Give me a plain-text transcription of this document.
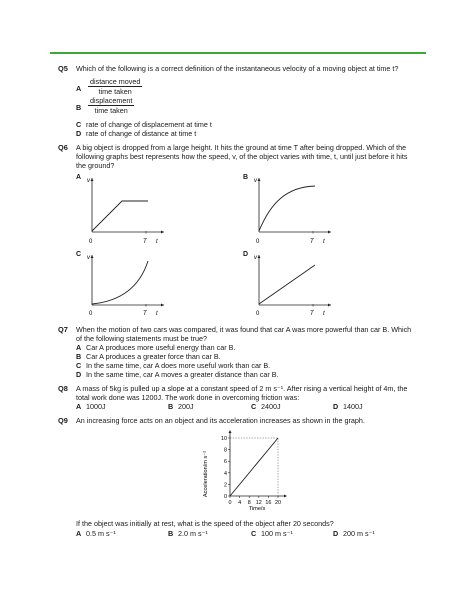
Q5 Which of the following is a correct definition of the instantaneous velocity of a moving object at time t?
A
distance moved
time taken
B
displacement
time taken
C rate of change of displacement at time t
D rate of change of distance at time t
Q6 A big object is dropped from a large height. It hits the ground at time T after being dropped. Which of the
following graphs best represents how the speed, v, of the object varies with time, t, until just before it hits
the ground?
A v
0	T t
B v
0	T t
C v
0	T t
D v
0	T t
Q7 When the motion of two cars was compared, it was found that car A was more powerful than car B. Which
of the following statements must be true?
A Car A produces more useful energy than car B.
B Car A produces a greater force than car B.
C In the same time, car A does more useful work than car B.
D In the same time, car A moves a greater distance than car B.
Q8 A mass of 5kg is pulled up a slope at a constant speed of 2 m s⁻¹. After rising a vertical height of 4m, the
total work done was 1200J. The work done in overcoming friction was:
A 1000J	B 200J	C 2400J	D 1400J
Q9 An increasing force acts on an object and its acceleration increases as shown in the graph.
Acceleration/m s⁻²
Time/s
0
2
4
6
8
10
0 4 8 12 16 20
If the object was initially at rest, what is the speed of the object after 20 seconds?
A 0.5 m s⁻¹	B 2.0 m s⁻¹	C 100 m s⁻¹	D 200 m s⁻¹
